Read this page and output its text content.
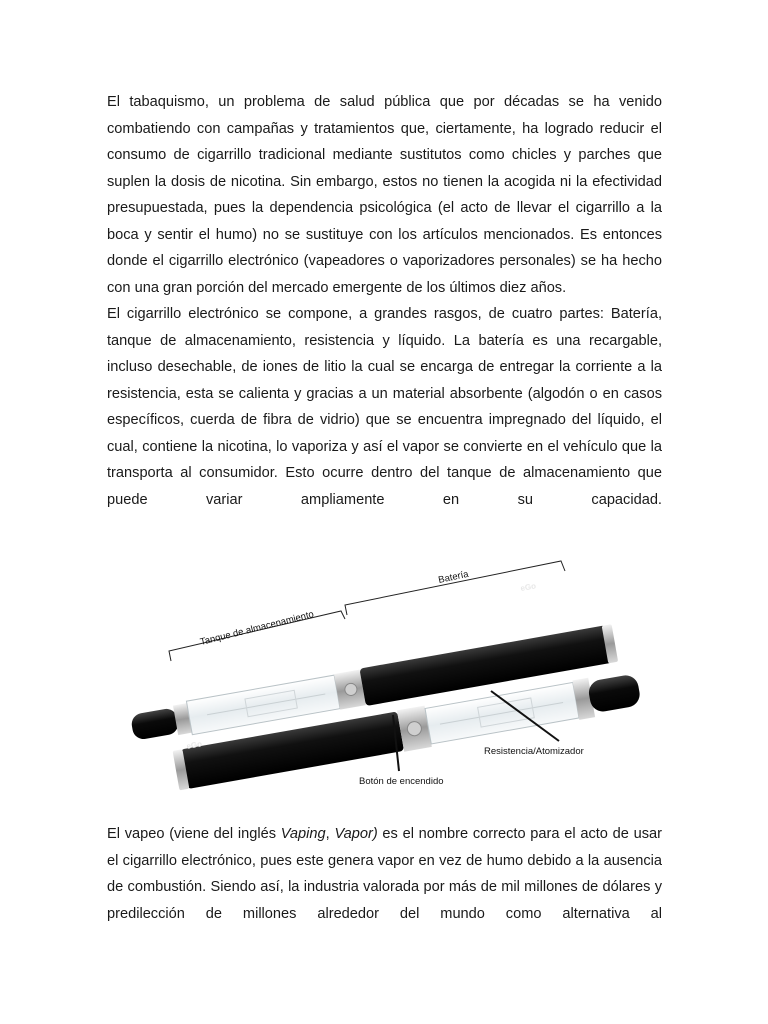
El tabaquismo, un problema de salud pública que por décadas se ha venido combatiendo con campañas y tratamientos que, ciertamente, ha logrado reducir el consumo de cigarrillo tradicional mediante sustitutos como chicles y parches que suplen la dosis de nicotina. Sin embargo, estos no tienen la acogida ni la efectividad presupuestada, pues la dependencia psicológica (el acto de llevar el cigarrillo a la boca y sentir el humo) no se sustituye con los artículos mencionados. Es entonces donde el cigarrillo electrónico (vapeadores o vaporizadores personales) se ha hecho con una gran porción del mercado emergente de los últimos diez años.

El cigarrillo electrónico se compone, a grandes rasgos, de cuatro partes: Batería, tanque de almacenamiento, resistencia y líquido. La batería es una recargable, incluso desechable, de iones de litio la cual se encarga de entregar la corriente a la resistencia, esta se calienta y gracias a un material absorbente (algodón o en casos específicos, cuerda de fibra de vidrio) que se encuentra impregnado del líquido, el cual, contiene la nicotina, lo vaporiza y así el vapor se convierte en el vehículo que la transporta al consumidor. Esto ocurre dentro del tanque de almacenamiento que puede variar ampliamente en su capacidad.

eGo
eGo
Tanque de almacenamiento
Batería
Resistencia/Atomizador
Botón de encendido

El vapeo (viene del inglés Vaping, Vapor) es el nombre correcto para el acto de usar el cigarrillo electrónico, pues este genera vapor en vez de humo debido a la ausencia de combustión. Siendo así, la industria valorada por más de mil millones de dólares y predilección de millones alrededor del mundo como alternativa al
